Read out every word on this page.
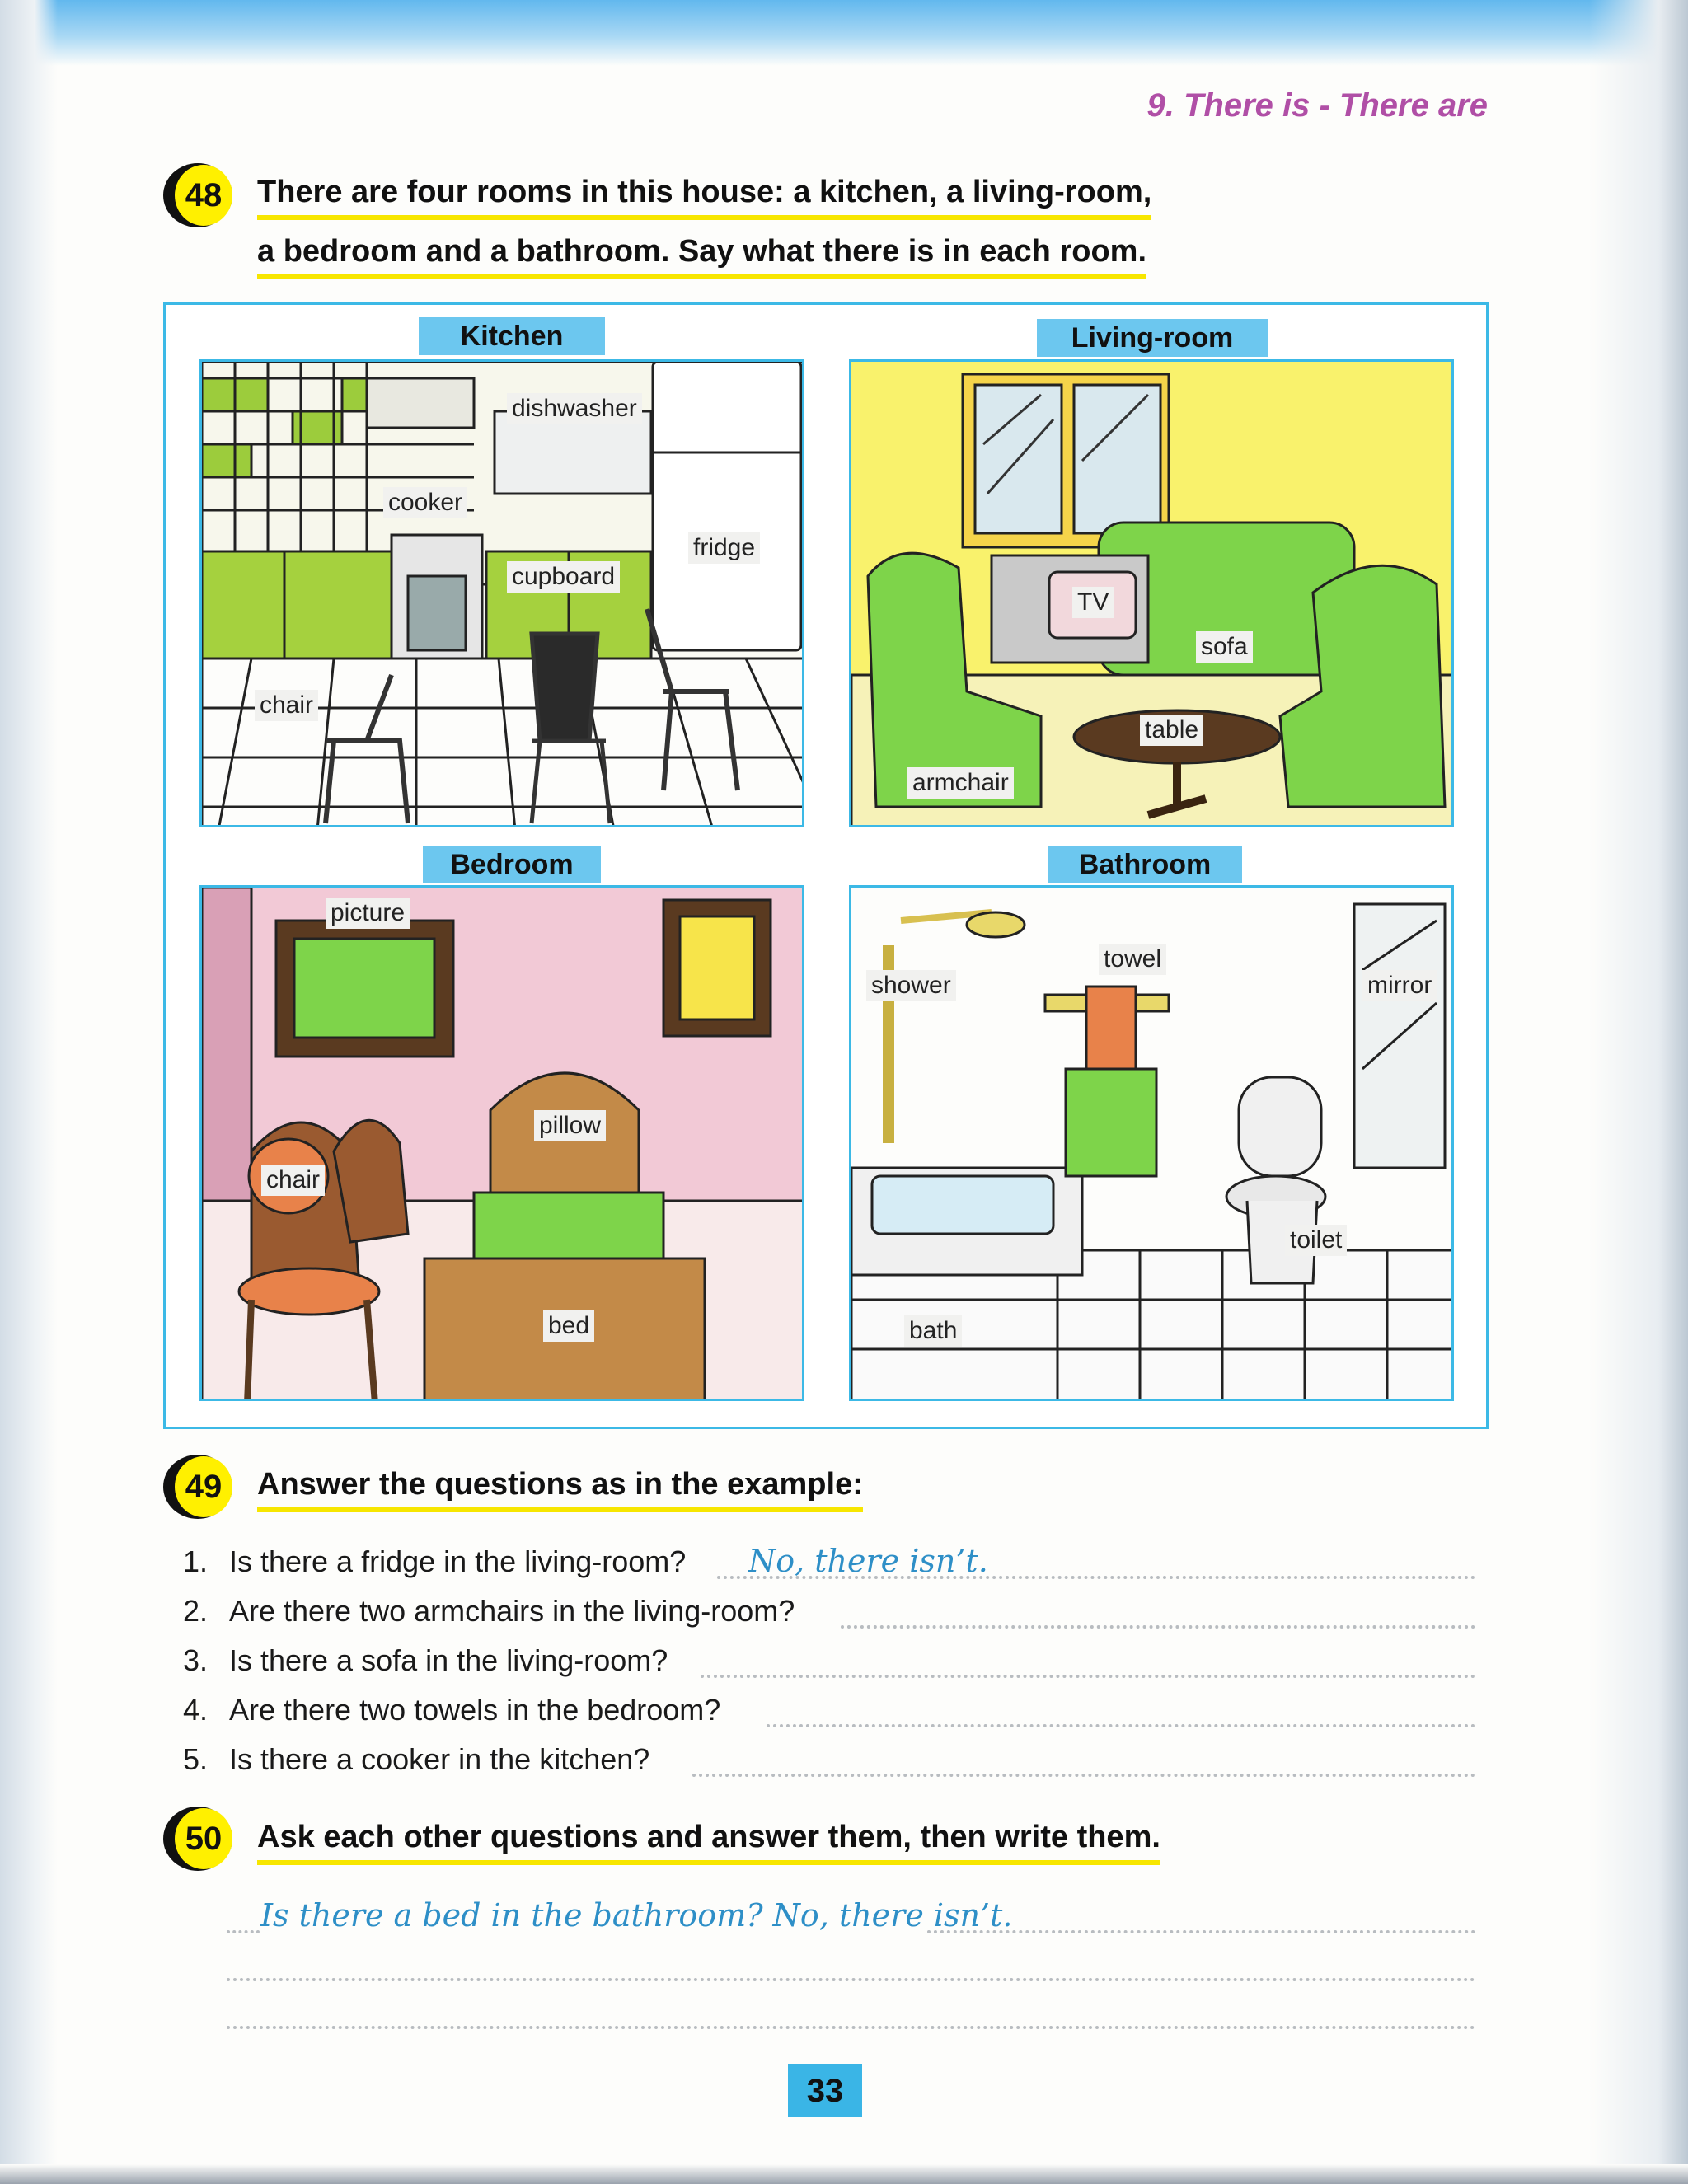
9. There is - There are
48	There are four rooms in this house: a kitchen, a living-room,
a bedroom and a bathroom. Say what there is in each room.
Kitchen
dishwasher
cooker
fridge
cupboard
chair
Living-room
TV
sofa
table
armchair
Bedroom
picture
pillow
chair
bed
Bathroom
shower
towel
mirror
toilet
bath
49	Answer the questions as in the example:
1. Is there a fridge in the living-room? No, there isn’t.
2. Are there two armchairs in the living-room?
3. Is there a sofa in the living-room?
4. Are there two towels in the bedroom?
5. Is there a cooker in the kitchen?
50	Ask each other questions and answer them, then write them.
Is there a bed in the bathroom? No, there isn’t.
33
